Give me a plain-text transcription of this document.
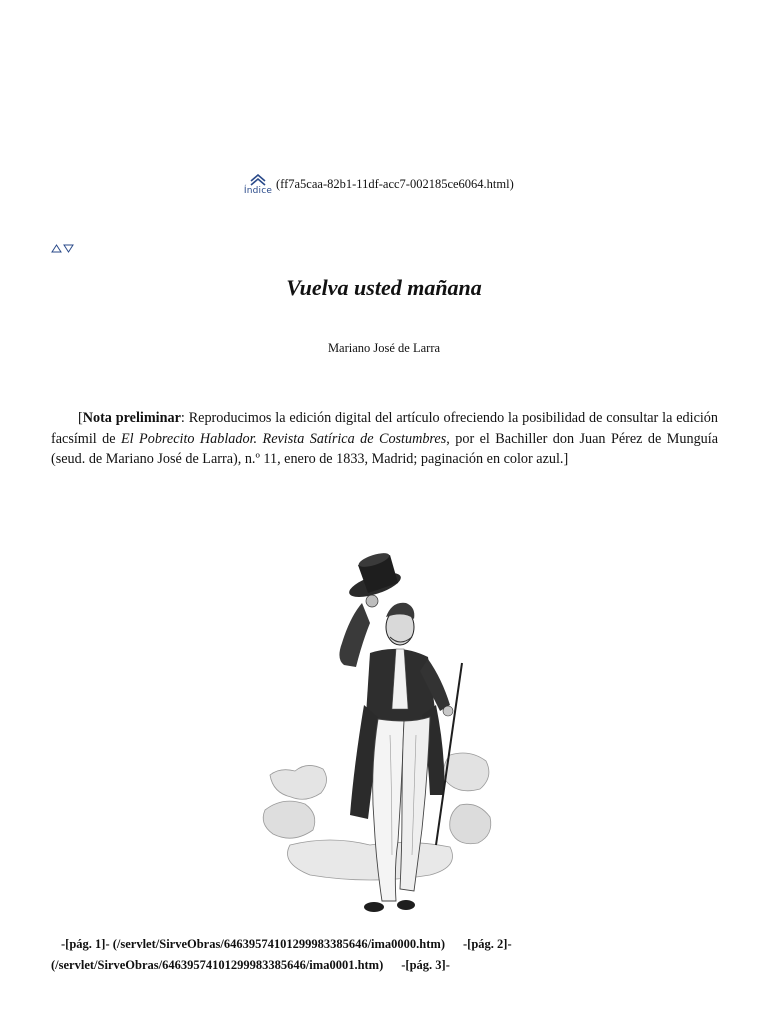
Índice (ff7a5caa-82b1-11df-acc7-002185ce6064.html)
Vuelva usted mañana
Mariano José de Larra

[Nota preliminar: Reproducimos la edición digital del artículo ofreciendo la posibilidad de consultar la edición facsímil de El Pobrecito Hablador. Revista Satírica de Costumbres, por el Bachiller don Juan Pérez de Munguía (seud. de Mariano José de Larra), n.º 11, enero de 1833, Madrid; paginación en color azul.]

-[pág. 1]- (/servlet/SirveObras/64639574101299983385646/ima0000.htm) -[pág. 2]-
(/servlet/SirveObras/64639574101299983385646/ima0001.htm) -[pág. 3]-
